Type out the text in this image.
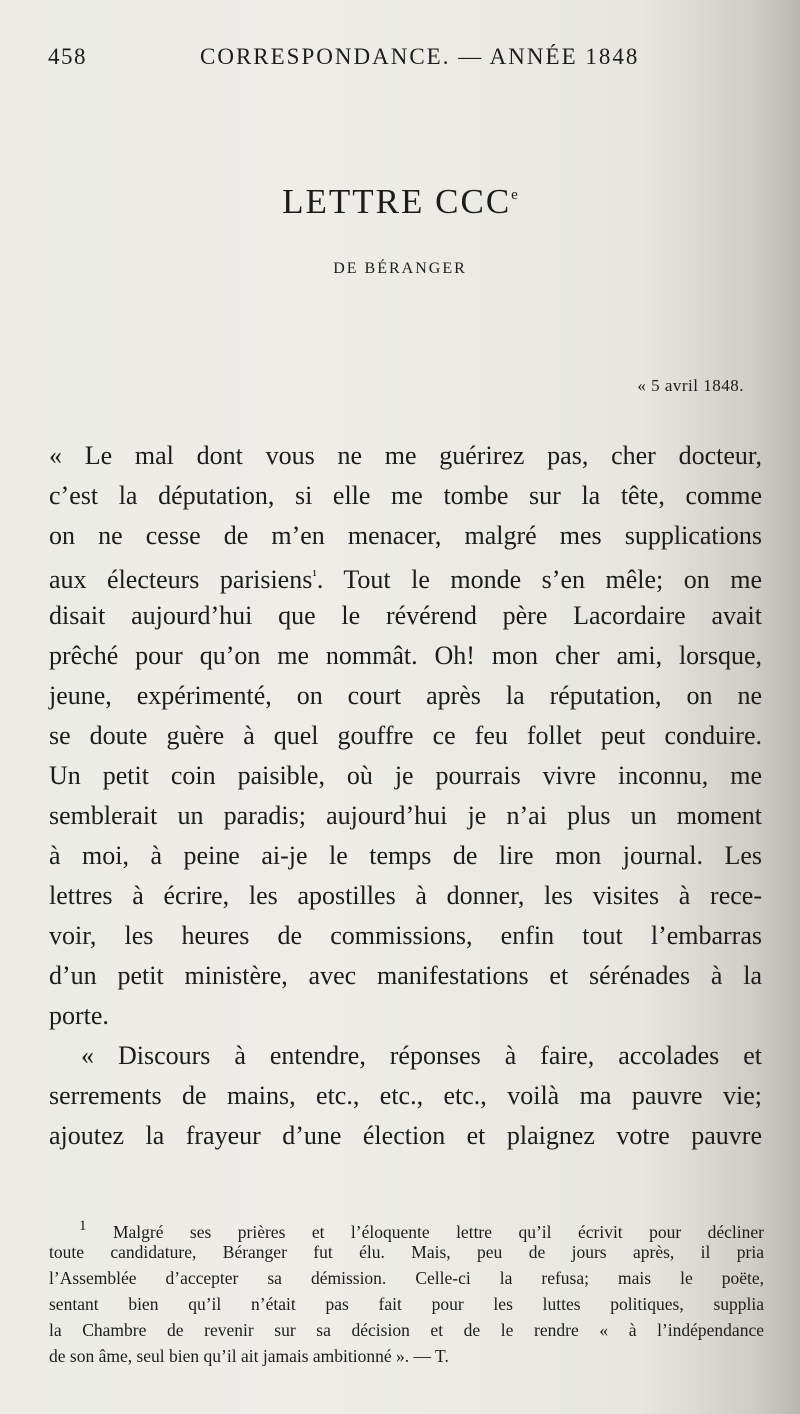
458	CORRESPONDANCE. — ANNÉE 1848
LETTRE CCCe
DE BÉRANGER
« 5 avril 1848.
« Le mal dont vous ne me guérirez pas, cher docteur,
c’est la députation, si elle me tombe sur la tête, comme
on ne cesse de m’en menacer, malgré mes supplications
aux électeurs parisiens$^{^1}$. Tout le monde s’en mêle; on me
disait aujourd’hui que le révérend père Lacordaire avait
prêché pour qu’on me nommât. Oh! mon cher ami, lorsque,
jeune, expérimenté, on court après la réputation, on ne
se doute guère à quel gouffre ce feu follet peut conduire.
Un petit coin paisible, où je pourrais vivre inconnu, me
semblerait un paradis; aujourd’hui je n’ai plus un moment
à moi, à peine ai-je le temps de lire mon journal. Les
lettres à écrire, les apostilles à donner, les visites à rece-
voir, les heures de commissions, enfin tout l’embarras
d’un petit ministère, avec manifestations et sérénades à la
porte.
« Discours à entendre, réponses à faire, accolades et
serrements de mains, etc., etc., etc., voilà ma pauvre vie;
ajoutez la frayeur d’une élection et plaignez votre pauvre
1 Malgré ses prières et l’éloquente lettre qu’il écrivit pour décliner
toute candidature, Béranger fut élu. Mais, peu de jours après, il pria
l’Assemblée d’accepter sa démission. Celle-ci la refusa; mais le poëte,
sentant bien qu’il n’était pas fait pour les luttes politiques, supplia
la Chambre de revenir sur sa décision et de le rendre « à l’indépendance
de son âme, seul bien qu’il ait jamais ambitionné ». — T.
